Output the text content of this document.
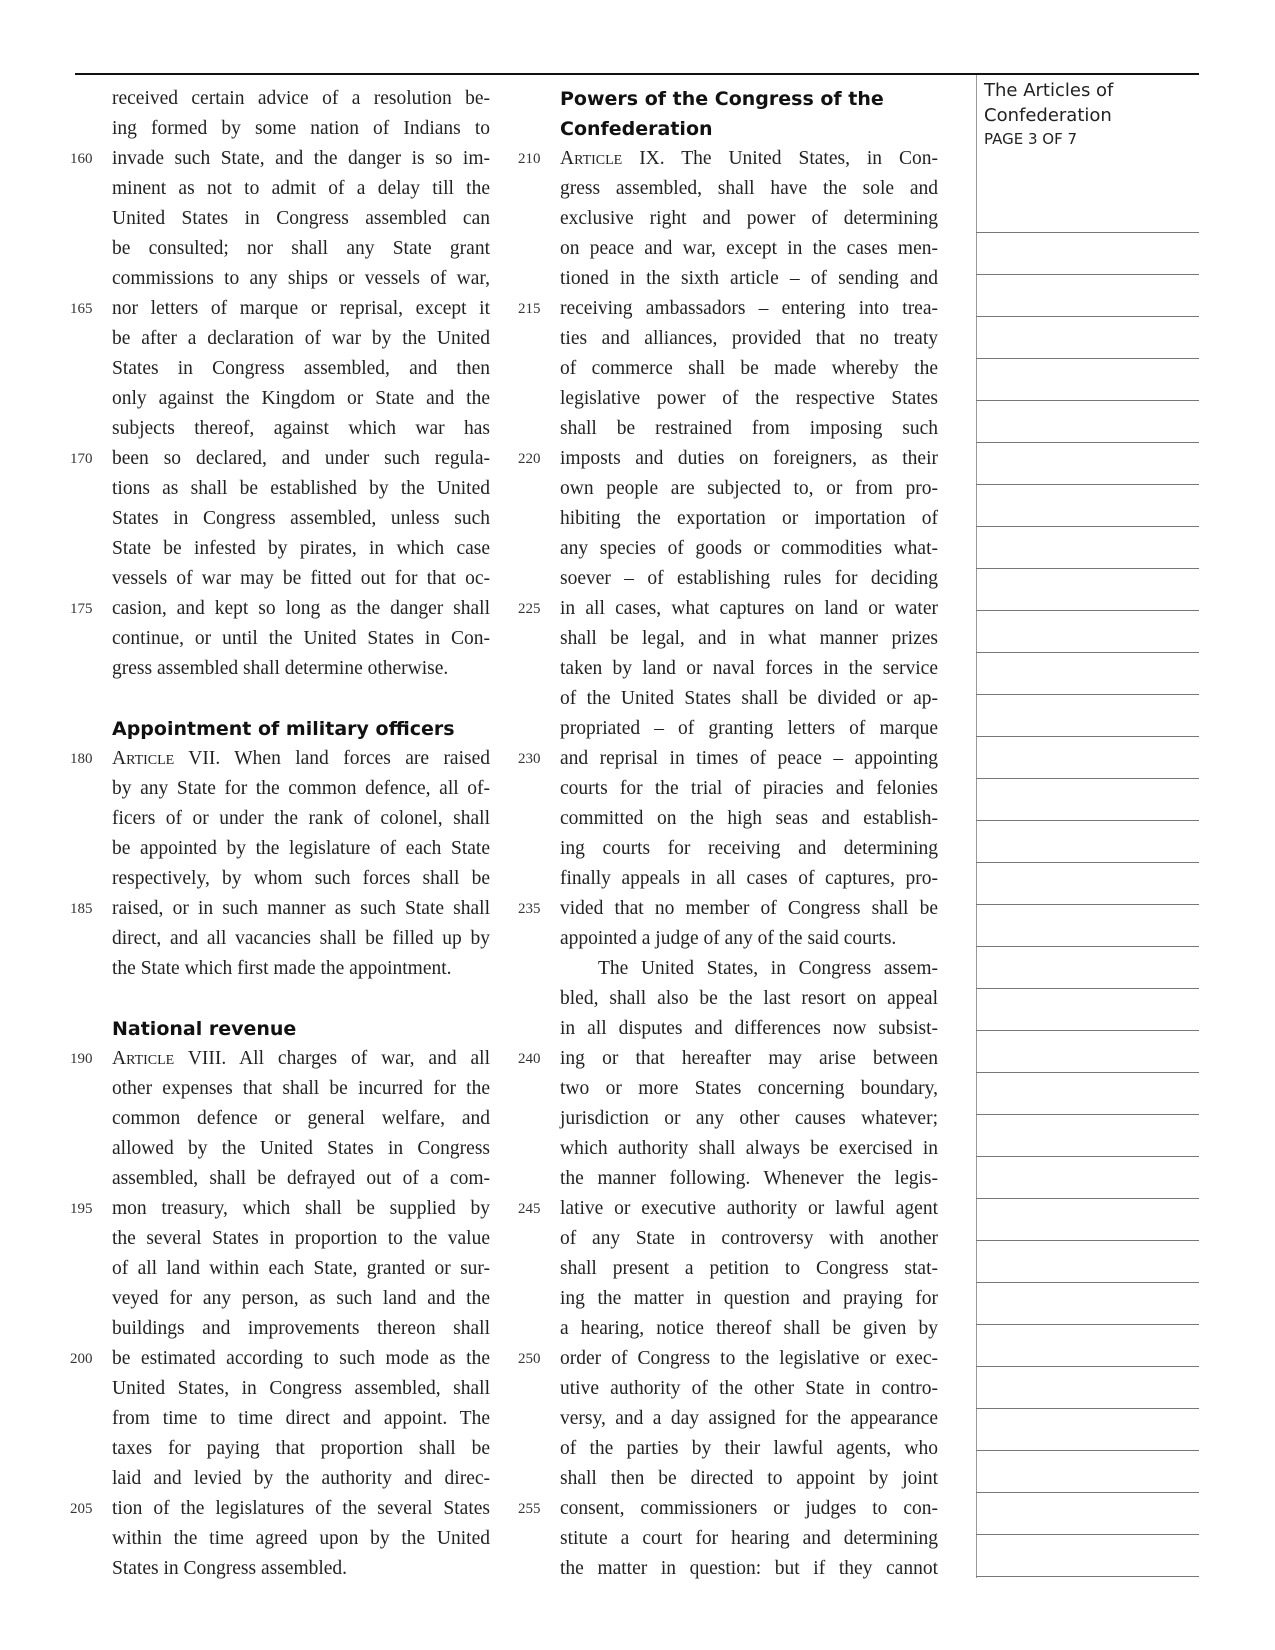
received certain advice of a resolution be-
ing formed by some nation of Indians to
160	invade such State, and the danger is so im-
minent as not to admit of a delay till the
United States in Congress assembled can
be consulted; nor shall any State grant
commissions to any ships or vessels of war,
165	nor letters of marque or reprisal, except it
be after a declaration of war by the United
States in Congress assembled, and then
only against the Kingdom or State and the
subjects thereof, against which war has
170	been so declared, and under such regula-
tions as shall be established by the United
States in Congress assembled, unless such
State be infested by pirates, in which case
vessels of war may be fitted out for that oc-
175	casion, and kept so long as the danger shall
continue, or until the United States in Con-
gress assembled shall determine otherwise.
Appointment of military officers
180	Article VII. When land forces are raised
by any State for the common defence, all of-
ficers of or under the rank of colonel, shall
be appointed by the legislature of each State
respectively, by whom such forces shall be
185	raised, or in such manner as such State shall
direct, and all vacancies shall be filled up by
the State which first made the appointment.
National revenue
190	Article VIII. All charges of war, and all
other expenses that shall be incurred for the
common defence or general welfare, and
allowed by the United States in Congress
assembled, shall be defrayed out of a com-
195	mon treasury, which shall be supplied by
the several States in proportion to the value
of all land within each State, granted or sur-
veyed for any person, as such land and the
buildings and improvements thereon shall
200	be estimated according to such mode as the
United States, in Congress assembled, shall
from time to time direct and appoint. The
taxes for paying that proportion shall be
laid and levied by the authority and direc-
205	tion of the legislatures of the several States
within the time agreed upon by the United
States in Congress assembled.
Powers of the Congress of the
Confederation
210	Article IX. The United States, in Con-
gress assembled, shall have the sole and
exclusive right and power of determining
on peace and war, except in the cases men-
tioned in the sixth article – of sending and
215	receiving ambassadors – entering into trea-
ties and alliances, provided that no treaty
of commerce shall be made whereby the
legislative power of the respective States
shall be restrained from imposing such
220	imposts and duties on foreigners, as their
own people are subjected to, or from pro-
hibiting the exportation or importation of
any species of goods or commodities what-
soever – of establishing rules for deciding
225	in all cases, what captures on land or water
shall be legal, and in what manner prizes
taken by land or naval forces in the service
of the United States shall be divided or ap-
propriated – of granting letters of marque
230	and reprisal in times of peace – appointing
courts for the trial of piracies and felonies
committed on the high seas and establish-
ing courts for receiving and determining
finally appeals in all cases of captures, pro-
235	vided that no member of Congress shall be
appointed a judge of any of the said courts.
The United States, in Congress assem-
bled, shall also be the last resort on appeal
in all disputes and differences now subsist-
240	ing or that hereafter may arise between
two or more States concerning boundary,
jurisdiction or any other causes whatever;
which authority shall always be exercised in
the manner following. Whenever the legis-
245	lative or executive authority or lawful agent
of any State in controversy with another
shall present a petition to Congress stat-
ing the matter in question and praying for
a hearing, notice thereof shall be given by
250	order of Congress to the legislative or exec-
utive authority of the other State in contro-
versy, and a day assigned for the appearance
of the parties by their lawful agents, who
shall then be directed to appoint by joint
255	consent, commissioners or judges to con-
stitute a court for hearing and determining
the matter in question: but if they cannot
The Articles of
Confederation
PAGE 3 OF 7
